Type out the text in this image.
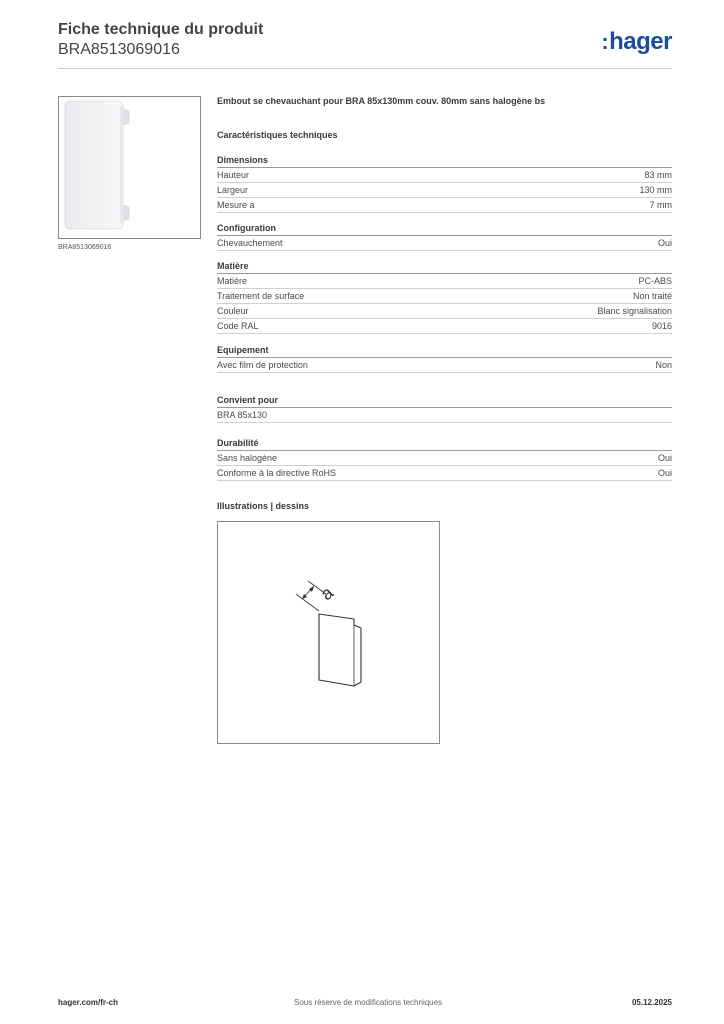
Fiche technique du produit
BRA8513069016	:hager
BRA8513069016
Embout se chevauchant pour BRA 85x130mm couv. 80mm sans halogène bs
Caractéristiques techniques
Dimensions
Hauteur	83 mm
Largeur	130 mm
Mesure a	7 mm
Configuration
Chevauchement	Oui
Matière
Matière	PC-ABS
Traitement de surface	Non traité
Couleur	Blanc signalisation
Code RAL	9016
Equipement
Avec film de protection	Non
Convient pour
BRA 85x130
Durabilité
Sans halogène	Oui
Conforme à la directive RoHS	Oui
Illustrations | dessins
a
hager.com/fr-ch	Sous réserve de modifications techniques	05.12.2025
